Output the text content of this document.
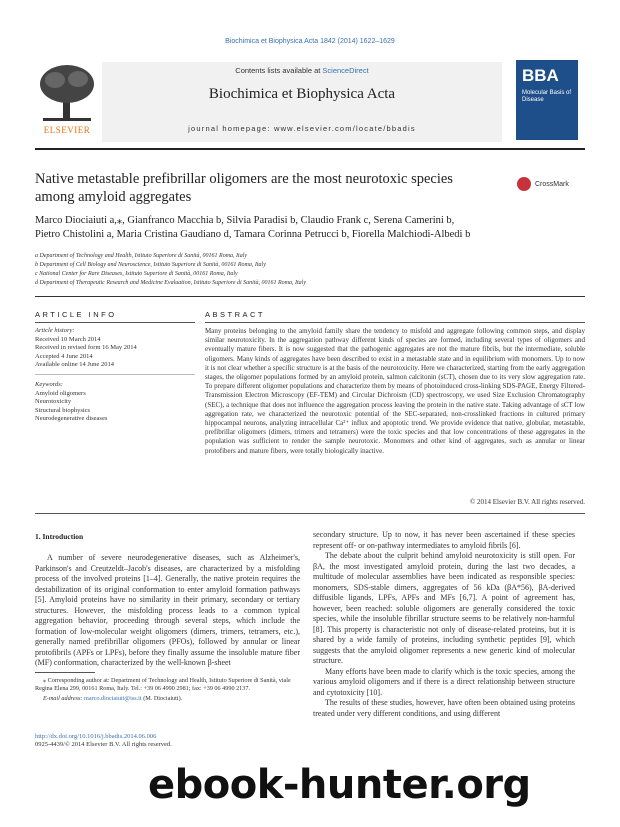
Biochimica et Biophysica Acta 1842 (2014) 1622–1629
ELSEVIER
Contents lists available at ScienceDirect
Biochimica et Biophysica Acta
journal homepage: www.elsevier.com/locate/bbadis
BBA
Molecular Basis of Disease
Native metastable prefibrillar oligomers are the most neurotoxic species among amyloid aggregates
CrossMark
Marco Diociaiuti a,⁎, Gianfranco Macchia b, Silvia Paradisi b, Claudio Frank c, Serena Camerini b,
Pietro Chistolini a, Maria Cristina Gaudiano d, Tamara Corinna Petrucci b, Fiorella Malchiodi-Albedi b
a Department of Technology and Health, Istituto Superiore di Sanità, 00161 Roma, Italy
b Department of Cell Biology and Neuroscience, Istituto Superiore di Sanità, 00161 Roma, Italy
c National Center for Rare Diseases, Istituto Superiore di Sanità, 00161 Roma, Italy
d Department of Therapeutic Research and Medicine Evaluation, Istituto Superiore di Sanità, 00161 Roma, Italy
ARTICLE INFO	ABSTRACT
Article history:
Received 10 March 2014
Received in revised form 16 May 2014
Accepted 4 June 2014
Available online 14 June 2014
Keywords:
Amyloid oligomers
Neurotoxicity
Structural biophysics
Neurodegenerative diseases
Many proteins belonging to the amyloid family share the tendency to misfold and aggregate following common steps, and display similar neurotoxicity. In the aggregation pathway different kinds of species are formed, including several types of oligomers and eventually mature fibers. It is now suggested that the pathogenic aggregates are not the mature fibrils, but the intermediate, soluble oligomers. Many kinds of aggregates have been described to exist in a metastable state and in equilibrium with monomers. Up to now it is not clear whether a specific structure is at the basis of the neurotoxicity. Here we characterized, starting from the early aggregation stages, the oligomer populations formed by an amyloid protein, salmon calcitonin (sCT), chosen due to its very slow aggregation rate. To prepare different oligomer populations and characterize them by means of photoinduced cross-linking SDS-PAGE, Energy Filtered-Transmission Electron Microscopy (EF-TEM) and Circular Dichroism (CD) spectroscopy, we used Size Exclusion Chromatography (SEC), a technique that does not influence the aggregation process leaving the protein in the native state. Taking advantage of sCT low aggregation rate, we characterized the neurotoxic potential of the SEC-separated, non-crosslinked fractions in cultured primary hippocampal neurons, analyzing intracellular Ca²⁺ influx and apoptotic trend. We provide evidence that native, globular, metastable, prefibrillar oligomers (dimers, trimers and tetramers) were the toxic species and that low concentrations of these aggregates in the population was sufficient to render the sample neurotoxic. Monomers and other kind of aggregates, such as annular or linear protofibers and mature fibers, were totally biologically inactive.
© 2014 Elsevier B.V. All rights reserved.
1. Introduction

A number of severe neurodegenerative diseases, such as Alzheimer's, Parkinson's and Creutzeldt–Jacob's diseases, are characterized by a misfolding process of the involved proteins [1–4]. Generally, the native protein requires the destabilization of its original conformation to enter amyloid formation pathways [5]. Amyloid proteins have no similarity in their primary, secondary or tertiary structures. However, the misfolding process leads to a common typical aggregation behavior, proceeding through several steps, which include the formation of low-molecular weight oligomers (dimers, trimers, tetramers, etc.), generally named prefibrillar oligomers (PFOs), followed by annular or linear protofibrils (APFs or LPFs), before they finally assume the insoluble mature fiber (MF) conformation, characterized by the well-known β-sheet

secondary structure. Up to now, it has never been ascertained if these species represent off- or on-pathway intermediates to amyloid fibrils [6].

The debate about the culprit behind amyloid neurotoxicity is still open. For βA, the most investigated amyloid protein, during the last two decades, a multitude of molecular assemblies have been indicated as responsible species: monomers, SDS-stable dimers, aggregates of 56 kDa (βA*56), βA-derived diffusible ligands, LPFs, APFs and MFs [6,7]. A point of agreement has, however, been reached: soluble oligomers are generally considered the toxic species, while the insoluble fibrillar structure seems to be relatively non-harmful [8]. This property is characteristic not only of disease-related proteins, but it is shared by a wide family of proteins, including synthetic peptides [9], which suggests that the amyloid oligomer represents a new generic kind of molecular structure.

Many efforts have been made to clarify which is the toxic species, among the various amyloid oligomers and if there is a direct relationship between structure and cytotoxicity [10].

The results of these studies, however, have often been obtained using proteins treated under very different conditions, and using different

⁎ Corresponding author at: Department of Technology and Health, Istituto Superiore di Sanità, viale Regina Elena 299, 00161 Roma, Italy. Tel.: +39 06 4990 2981; fax: +39 06 4990 2137.

E-mail address: marco.diociaiuti@iss.it (M. Diociaiuti).

http://dx.doi.org/10.1016/j.bbadis.2014.06.006
0925-4439/© 2014 Elsevier B.V. All rights reserved.
ebook-hunter.org
